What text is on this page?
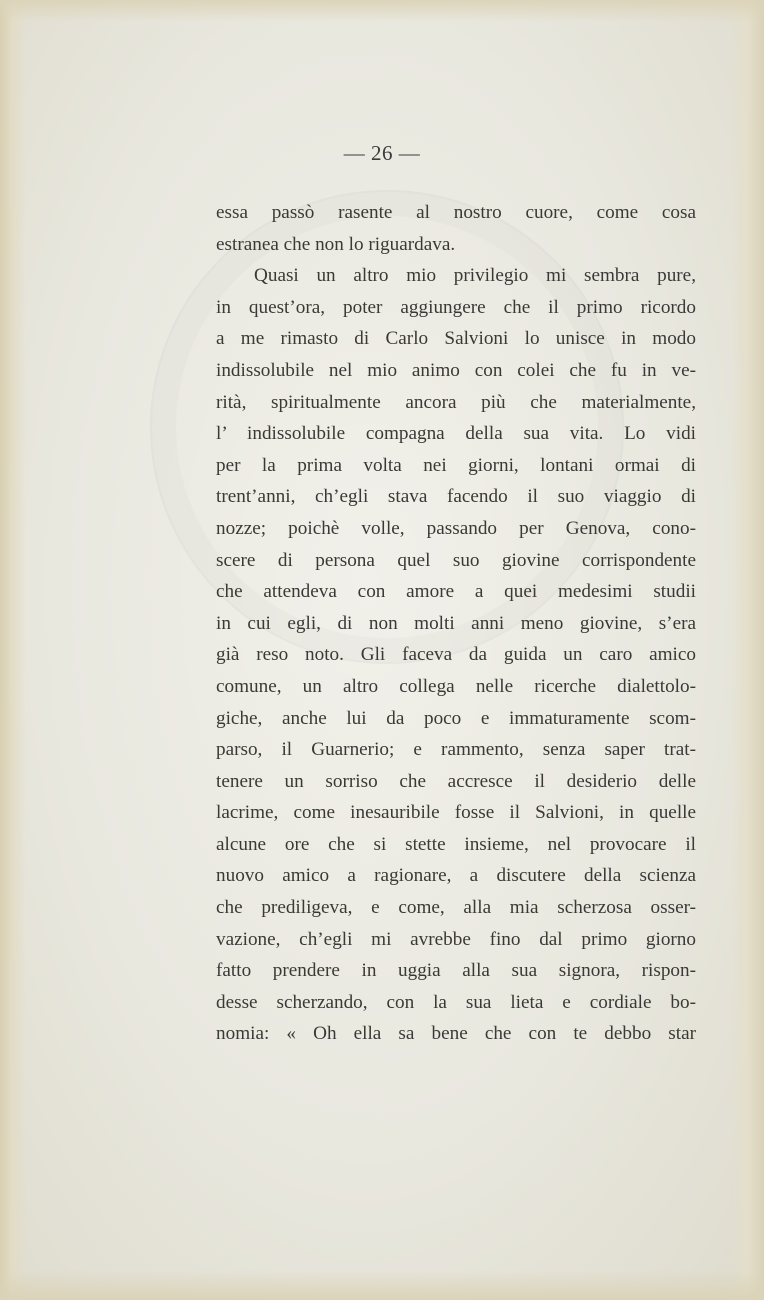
— 26 —
essa passò rasente al nostro cuore, come cosa
estranea che non lo riguardava.
Quasi un altro mio privilegio mi sembra pure,
in quest’ora, poter aggiungere che il primo ricordo
a me rimasto di Carlo Salvioni lo unisce in modo
indissolubile nel mio animo con colei che fu in ve-
rità, spiritualmente ancora più che materialmente,
l’ indissolubile compagna della sua vita. Lo vidi
per la prima volta nei giorni, lontani ormai di
trent’anni, ch’egli stava facendo il suo viaggio di
nozze; poichè volle, passando per Genova, cono-
scere di persona quel suo giovine corrispondente
che attendeva con amore a quei medesimi studii
in cui egli, di non molti anni meno giovine, s’era
già reso noto. Gli faceva da guida un caro amico
comune, un altro collega nelle ricerche dialettolo-
giche, anche lui da poco e immaturamente scom-
parso, il Guarnerio; e rammento, senza saper trat-
tenere un sorriso che accresce il desiderio delle
lacrime, come inesauribile fosse il Salvioni, in quelle
alcune ore che si stette insieme, nel provocare il
nuovo amico a ragionare, a discutere della scienza
che prediligeva, e come, alla mia scherzosa osser-
vazione, ch’egli mi avrebbe fino dal primo giorno
fatto prendere in uggia alla sua signora, rispon-
desse scherzando, con la sua lieta e cordiale bo-
nomia: « Oh ella sa bene che con te debbo star
